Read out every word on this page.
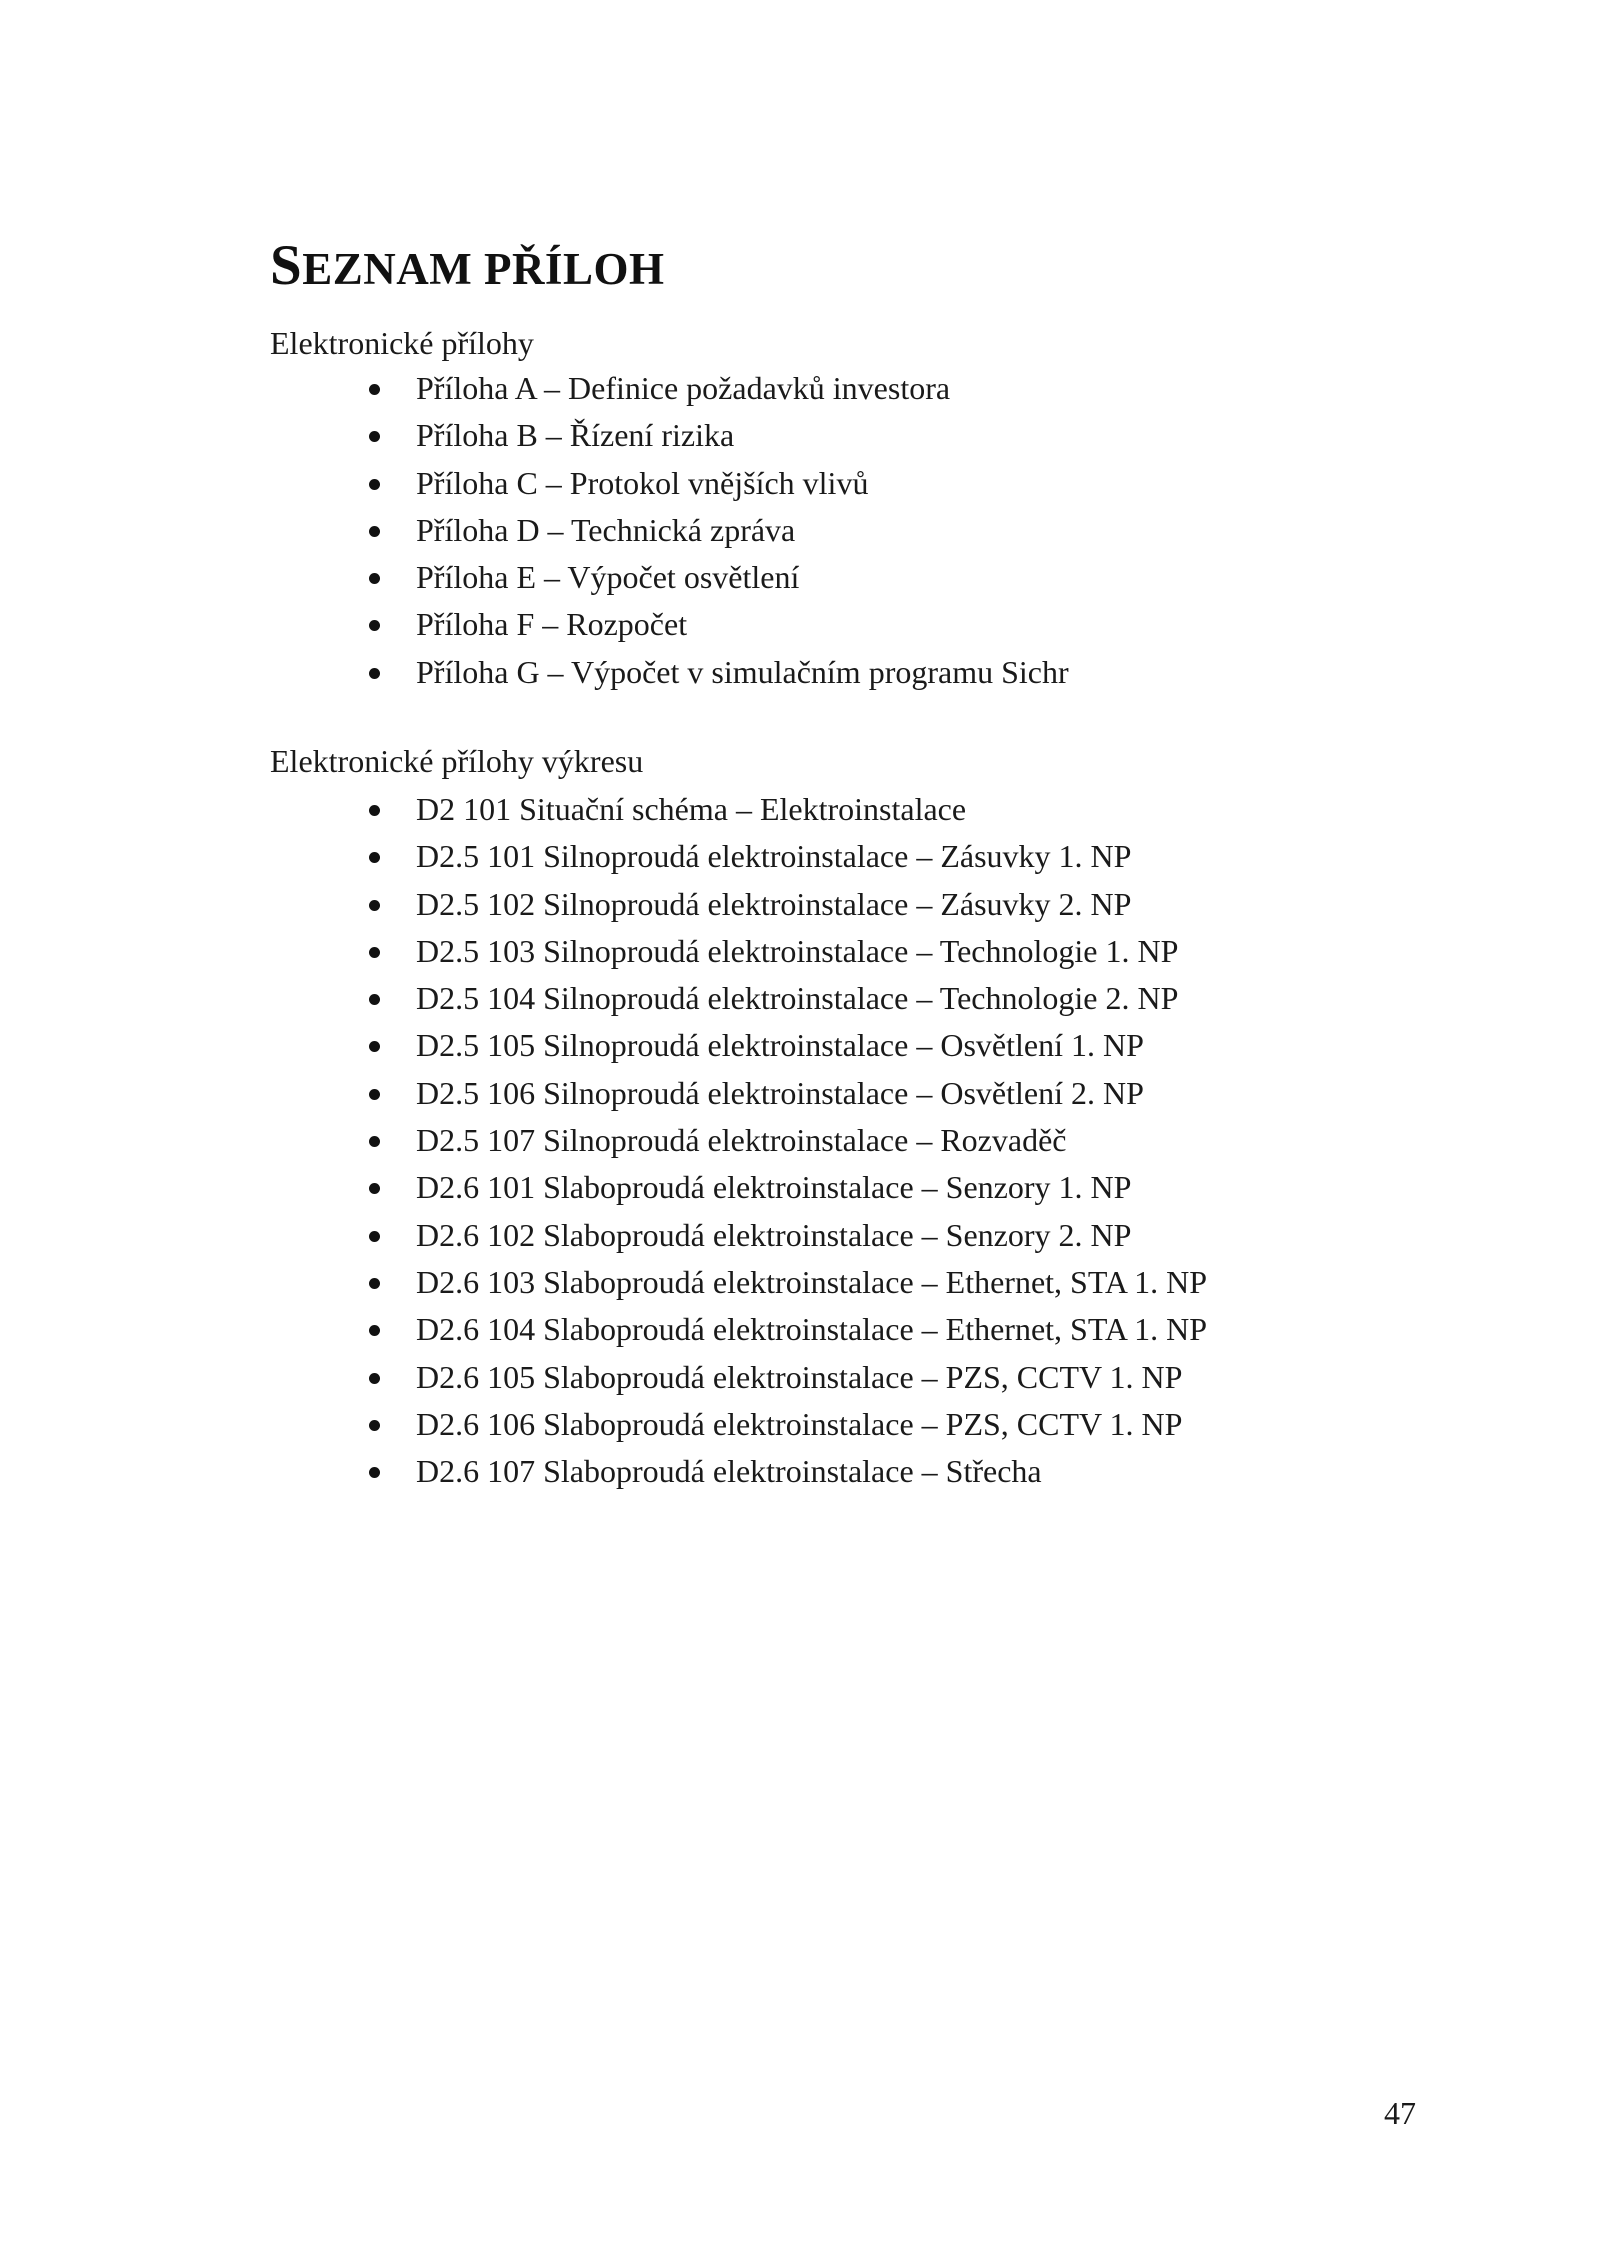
SEZNAM PŘÍLOH
Elektronické přílohy
Příloha A – Definice požadavků investora
Příloha B – Řízení rizika
Příloha C – Protokol vnějších vlivů
Příloha D – Technická zpráva
Příloha E – Výpočet osvětlení
Příloha F – Rozpočet
Příloha G – Výpočet v simulačním programu Sichr
Elektronické přílohy výkresu
D2 101 Situační schéma – Elektroinstalace
D2.5 101 Silnoproudá elektroinstalace – Zásuvky 1. NP
D2.5 102 Silnoproudá elektroinstalace – Zásuvky 2. NP
D2.5 103 Silnoproudá elektroinstalace – Technologie 1. NP
D2.5 104 Silnoproudá elektroinstalace – Technologie 2. NP
D2.5 105 Silnoproudá elektroinstalace – Osvětlení 1. NP
D2.5 106 Silnoproudá elektroinstalace – Osvětlení 2. NP
D2.5 107 Silnoproudá elektroinstalace – Rozvaděč
D2.6 101 Slaboproudá elektroinstalace – Senzory 1. NP
D2.6 102 Slaboproudá elektroinstalace – Senzory 2. NP
D2.6 103 Slaboproudá elektroinstalace – Ethernet, STA 1. NP
D2.6 104 Slaboproudá elektroinstalace – Ethernet, STA 1. NP
D2.6 105 Slaboproudá elektroinstalace – PZS, CCTV 1. NP
D2.6 106 Slaboproudá elektroinstalace – PZS, CCTV 1. NP
D2.6 107 Slaboproudá elektroinstalace – Střecha
47
